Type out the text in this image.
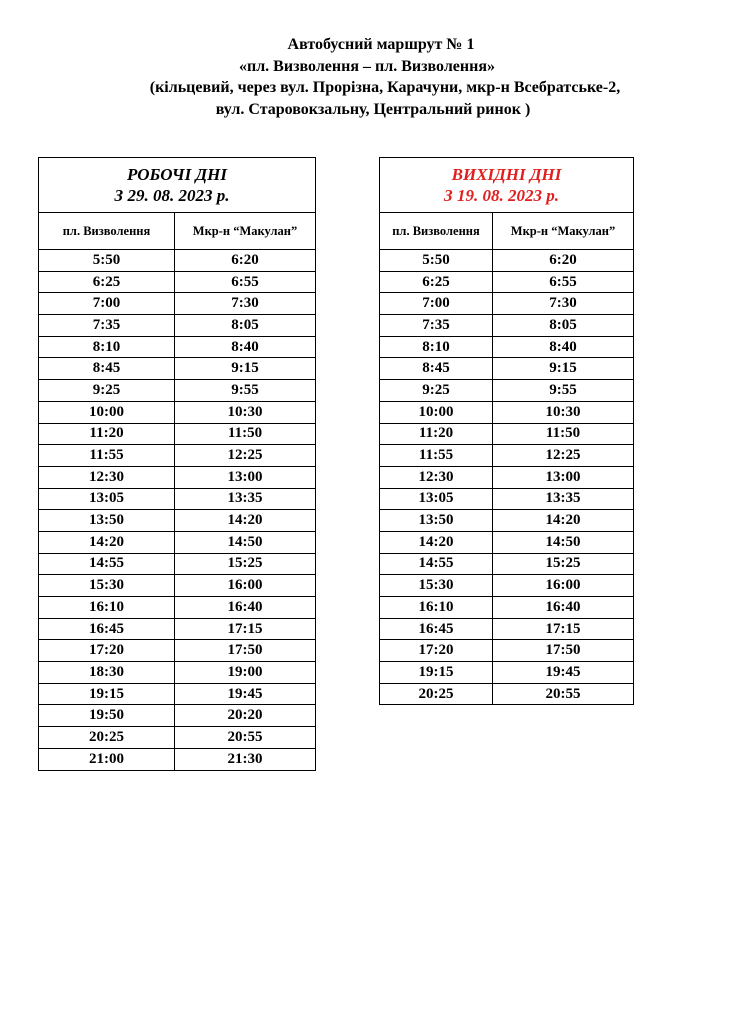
Автобусний маршрут № 1
«пл. Визволення – пл. Визволення»
(кільцевий, через вул. Прорізна, Карачуни, мкр-н Всебратське-2,
вул. Старовокзальну, Центральний ринок )
РОБОЧІ ДНІ
З 29. 08. 2023 р.	

пл. Визволення	Мкр-н “Макулан”
5:50	6:20
6:25	6:55
7:00	7:30
7:35	8:05
8:10	8:40
8:45	9:15
9:25	9:55
10:00	10:30
11:20	11:50
11:55	12:25
12:30	13:00
13:05	13:35
13:50	14:20
14:20	14:50
14:55	15:25
15:30	16:00
16:10	16:40
16:45	17:15
17:20	17:50
18:30	19:00
19:15	19:45
19:50	20:20
20:25	20:55
21:00	21:30
ВИХІДНІ ДНІ
З 19. 08. 2023 р.	

пл. Визволення	Мкр-н “Макулан”
5:50	6:20
6:25	6:55
7:00	7:30
7:35	8:05
8:10	8:40
8:45	9:15
9:25	9:55
10:00	10:30
11:20	11:50
11:55	12:25
12:30	13:00
13:05	13:35
13:50	14:20
14:20	14:50
14:55	15:25
15:30	16:00
16:10	16:40
16:45	17:15
17:20	17:50
19:15	19:45
20:25	20:55
